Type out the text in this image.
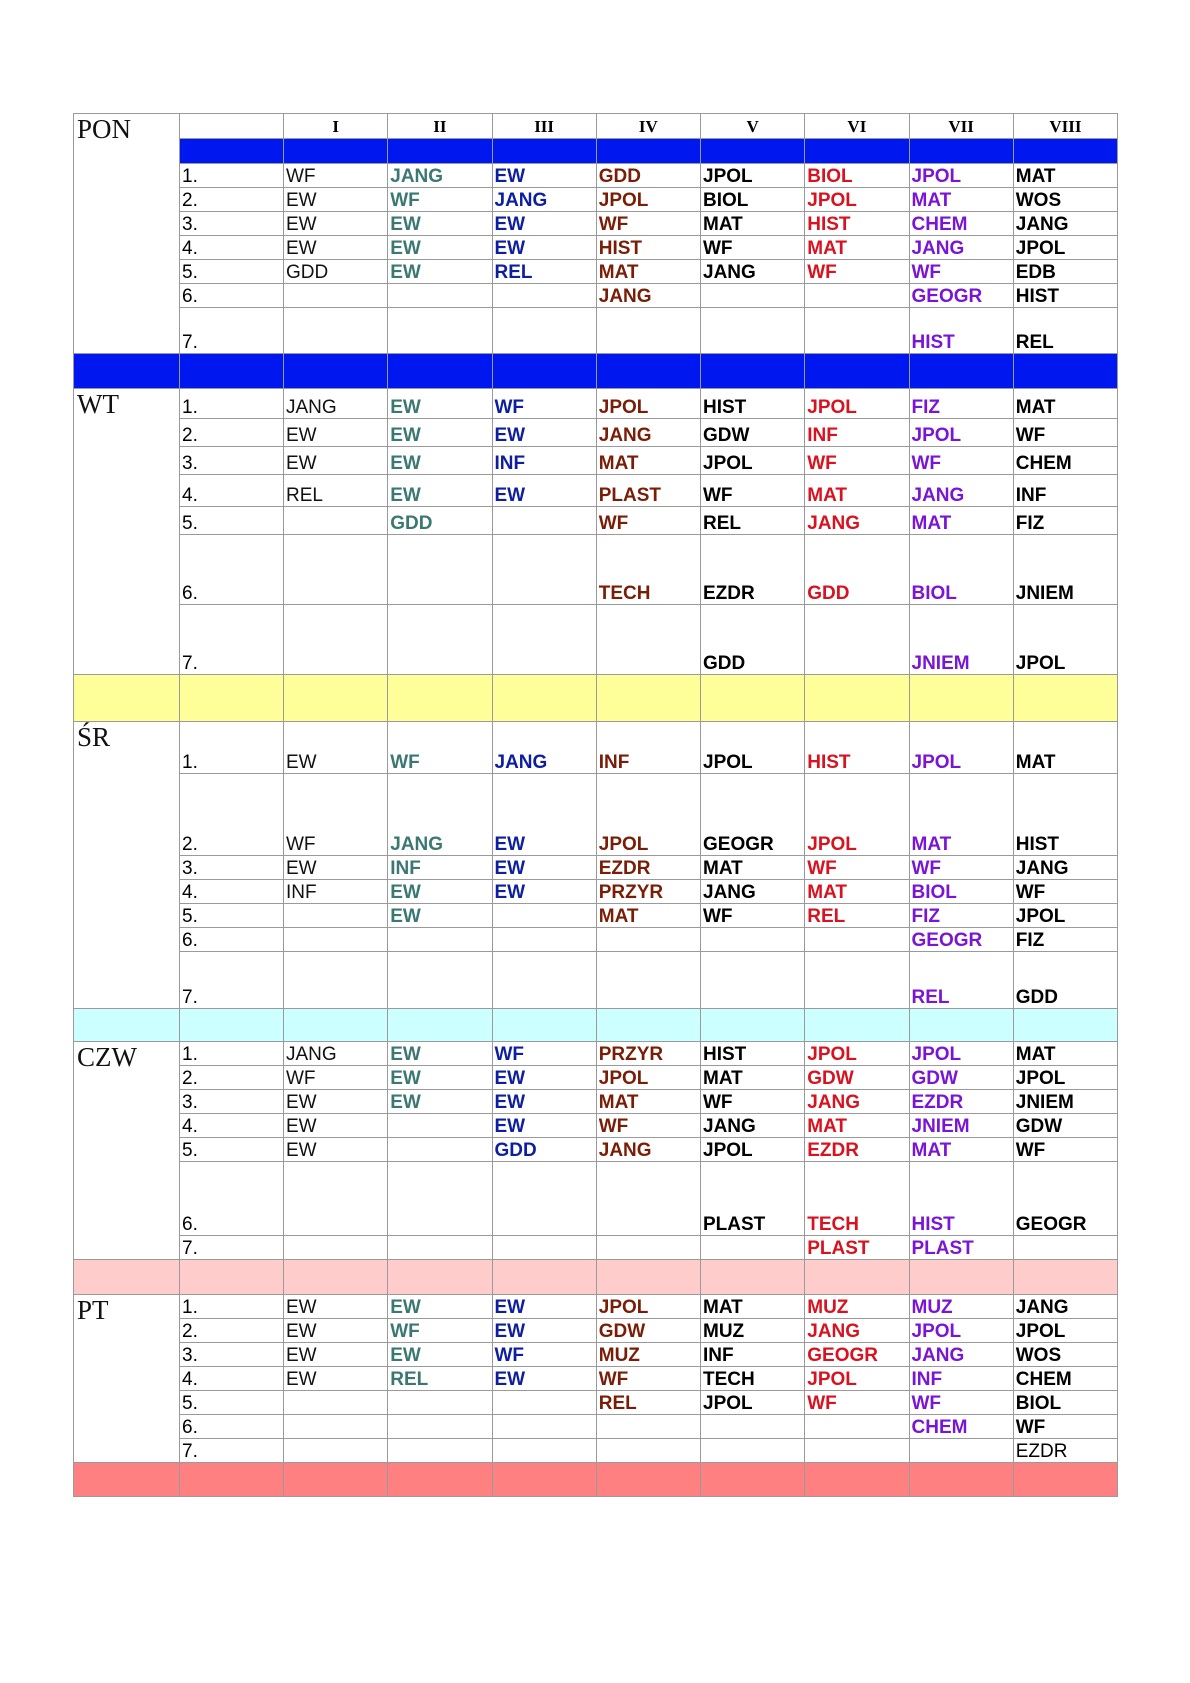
PON		I	II	III	IV	V	VI	VII	VIII

	1.	WF	JANG	EW	GDD	JPOL	BIOL	JPOL	MAT
	2.	EW	WF	JANG	JPOL	BIOL	JPOL	MAT	WOS
	3.	EW	EW	EW	WF	MAT	HIST	CHEM	JANG
	4.	EW	EW	EW	HIST	WF	MAT	JANG	JPOL
	5.	GDD	EW	REL	MAT	JANG	WF	WF	EDB
	6.				JANG			GEOGR	HIST
	7.							HIST	REL

WT	1.	JANG	EW	WF	JPOL	HIST	JPOL	FIZ	MAT
	2.	EW	EW	EW	JANG	GDW	INF	JPOL	WF
	3.	EW	EW	INF	MAT	JPOL	WF	WF	CHEM
	4.	REL	EW	EW	PLAST	WF	MAT	JANG	INF
	5.		GDD		WF	REL	JANG	MAT	FIZ
	6.				TECH	EZDR	GDD	BIOL	JNIEM
	7.					GDD		JNIEM	JPOL

ŚR	1.	EW	WF	JANG	INF	JPOL	HIST	JPOL	MAT
	2.	WF	JANG	EW	JPOL	GEOGR	JPOL	MAT	HIST
	3.	EW	INF	EW	EZDR	MAT	WF	WF	JANG
	4.	INF	EW	EW	PRZYR	JANG	MAT	BIOL	WF
	5.		EW		MAT	WF	REL	FIZ	JPOL
	6.							GEOGR	FIZ
	7.							REL	GDD

CZW	1.	JANG	EW	WF	PRZYR	HIST	JPOL	JPOL	MAT
	2.	WF	EW	EW	JPOL	MAT	GDW	GDW	JPOL
	3.	EW	EW	EW	MAT	WF	JANG	EZDR	JNIEM
	4.	EW		EW	WF	JANG	MAT	JNIEM	GDW
	5.	EW		GDD	JANG	JPOL	EZDR	MAT	WF
	6.					PLAST	TECH	HIST	GEOGR
	7.						PLAST	PLAST	

PT	1.	EW	EW	EW	JPOL	MAT	MUZ	MUZ	JANG
	2.	EW	WF	EW	GDW	MUZ	JANG	JPOL	JPOL
	3.	EW	EW	WF	MUZ	INF	GEOGR	JANG	WOS
	4.	EW	REL	EW	WF	TECH	JPOL	INF	CHEM
	5.				REL	JPOL	WF	WF	BIOL
	6.							CHEM	WF
	7.								EZDR
